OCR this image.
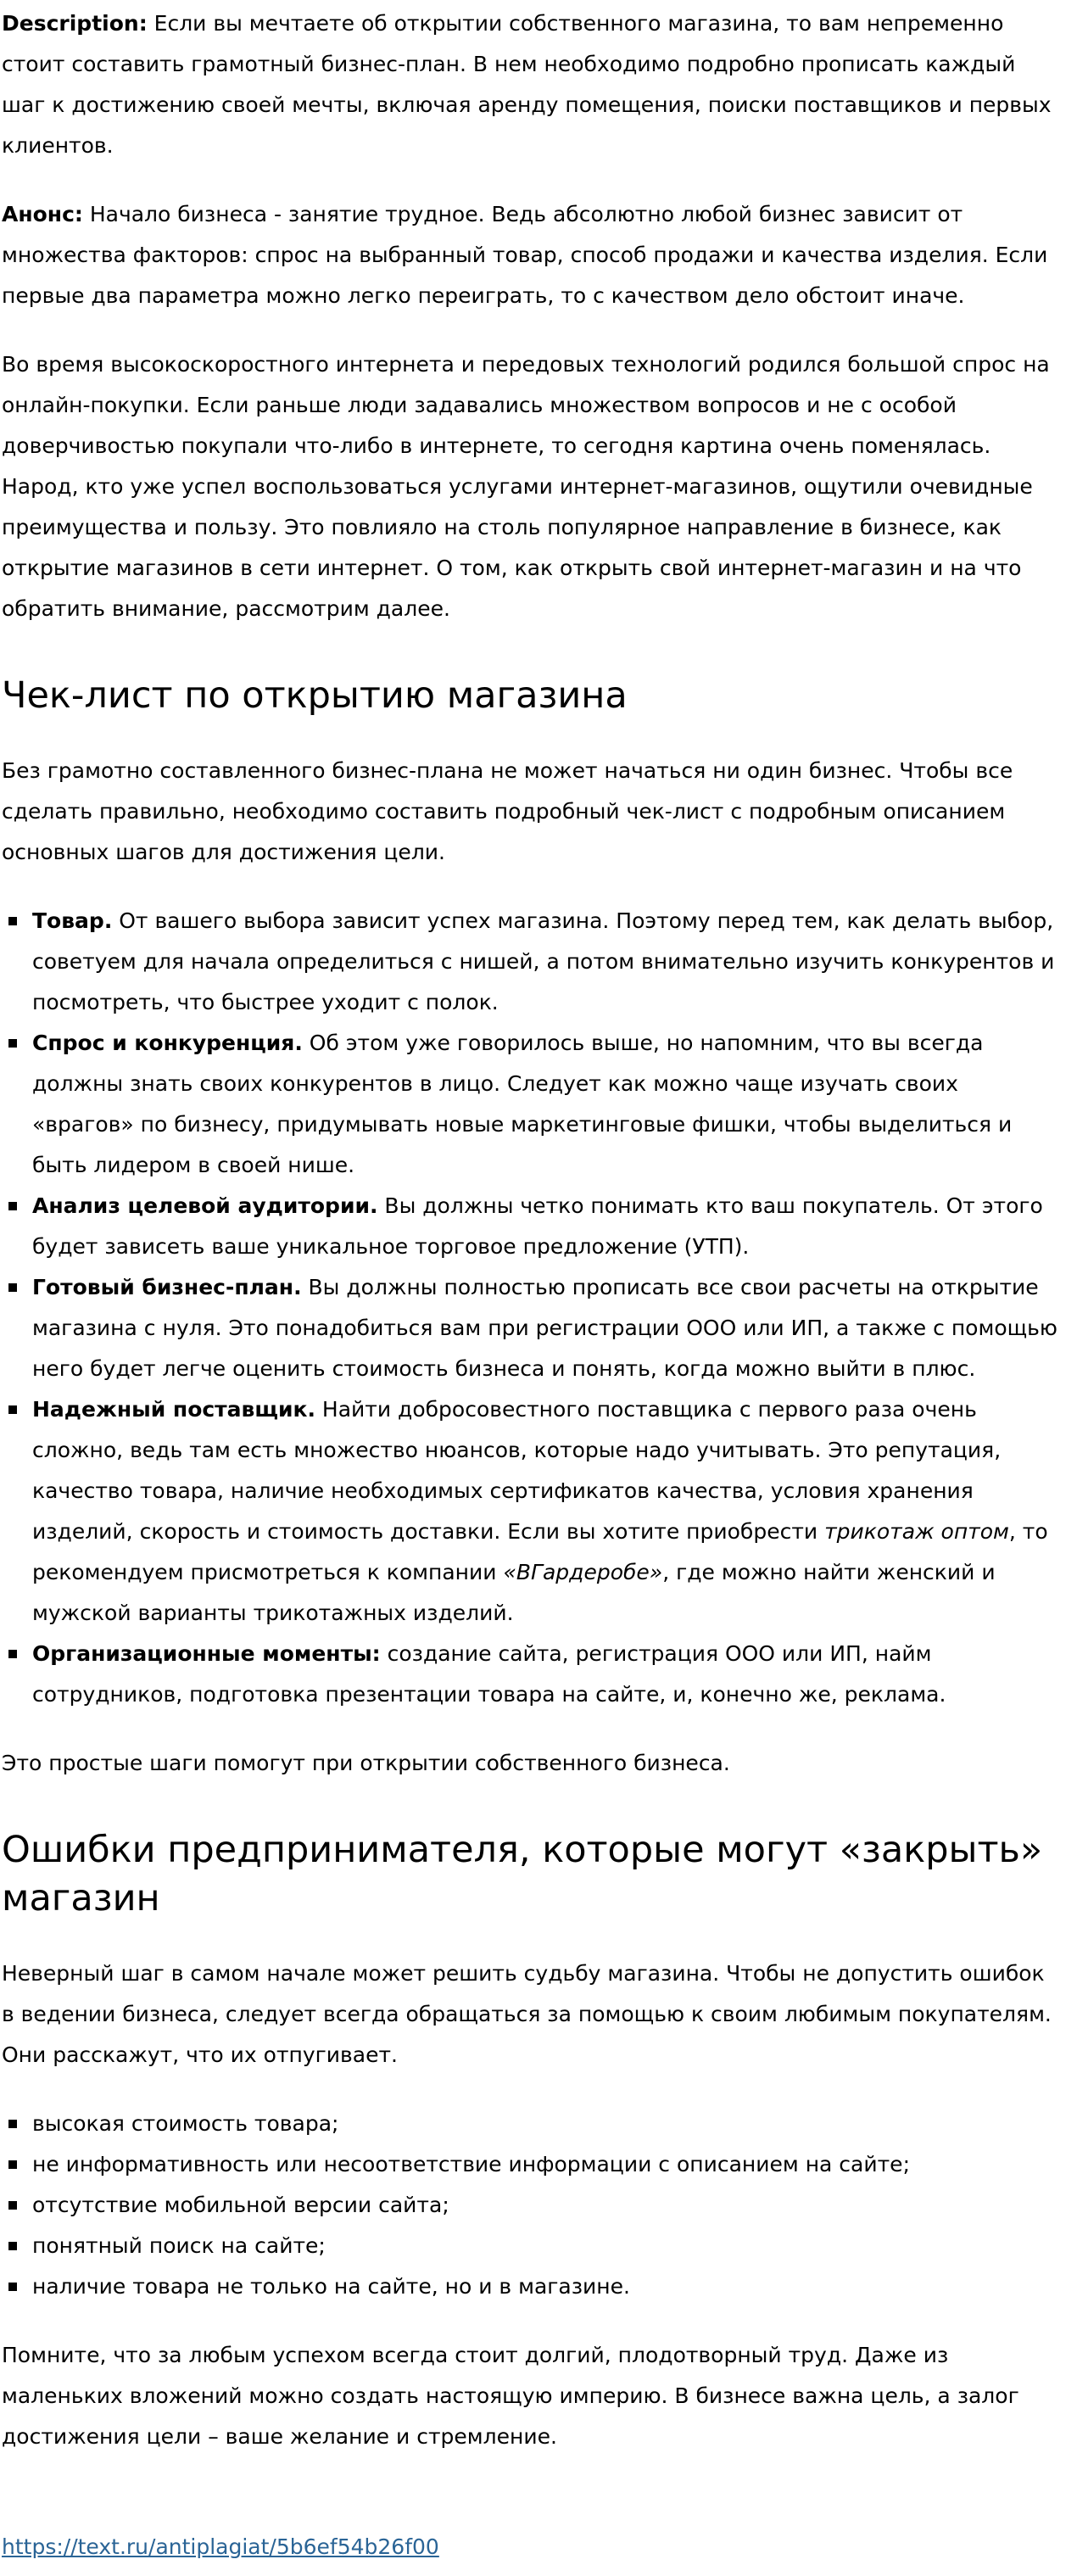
Description: Если вы мечтаете об открытии собственного магазина, то вам непременно стоит составить грамотный бизнес-план. В нем необходимо подробно прописать каждый шаг к достижению своей мечты, включая аренду помещения, поиски поставщиков и первых клиентов.

Анонс: Начало бизнеса - занятие трудное. Ведь абсолютно любой бизнес зависит от множества факторов: спрос на выбранный товар, способ продажи и качества изделия. Если первые два параметра можно легко переиграть, то с качеством дело обстоит иначе.

Во время высокоскоростного интернета и передовых технологий родился большой спрос на онлайн-покупки. Если раньше люди задавались множеством вопросов и не с особой доверчивостью покупали что-либо в интернете, то сегодня картина очень поменялась. Народ, кто уже успел воспользоваться услугами интернет-магазинов, ощутили очевидные преимущества и пользу. Это повлияло на столь популярное направление в бизнесе, как открытие магазинов в сети интернет. О том, как открыть свой интернет-магазин и на что обратить внимание, рассмотрим далее.

Чек-лист по открытию магазина

Без грамотно составленного бизнес-плана не может начаться ни один бизнес. Чтобы все сделать правильно, необходимо составить подробный чек-лист с подробным описанием основных шагов для достижения цели.

Товар. От вашего выбора зависит успех магазина. Поэтому перед тем, как делать выбор, советуем для начала определиться с нишей, а потом внимательно изучить конкурентов и посмотреть, что быстрее уходит с полок.
Спрос и конкуренция. Об этом уже говорилось выше, но напомним, что вы всегда должны знать своих конкурентов в лицо. Следует как можно чаще изучать своих «врагов» по бизнесу, придумывать новые маркетинговые фишки, чтобы выделиться и быть лидером в своей нише.
Анализ целевой аудитории. Вы должны четко понимать кто ваш покупатель. От этого будет зависеть ваше уникальное торговое предложение (УТП).
Готовый бизнес-план. Вы должны полностью прописать все свои расчеты на открытие магазина с нуля. Это понадобиться вам при регистрации ООО или ИП, а также с помощью него будет легче оценить стоимость бизнеса и понять, когда можно выйти в плюс.
Надежный поставщик. Найти добросовестного поставщика с первого раза очень сложно, ведь там есть множество нюансов, которые надо учитывать. Это репутация, качество товара, наличие необходимых сертификатов качества, условия хранения изделий, скорость и стоимость доставки. Если вы хотите приобрести трикотаж оптом, то рекомендуем присмотреться к компании «ВГардеробе», где можно найти женский и мужской варианты трикотажных изделий.
Организационные моменты: создание сайта, регистрация ООО или ИП, найм сотрудников, подготовка презентации товара на сайте, и, конечно же, реклама.

Это простые шаги помогут при открытии собственного бизнеса.

Ошибки предпринимателя, которые могут «закрыть» магазин

Неверный шаг в самом начале может решить судьбу магазина. Чтобы не допустить ошибок в ведении бизнеса, следует всегда обращаться за помощью к своим любимым покупателям. Они расскажут, что их отпугивает.

высокая стоимость товара;
не информативность или несоответствие информации с описанием на сайте;
отсутствие мобильной версии сайта;
понятный поиск на сайте;
наличие товара не только на сайте, но и в магазине.

Помните, что за любым успехом всегда стоит долгий, плодотворный труд. Даже из маленьких вложений можно создать настоящую империю. В бизнесе важна цель, а залог достижения цели – ваше желание и стремление.

https://text.ru/antiplagiat/5b6ef54b26f00
